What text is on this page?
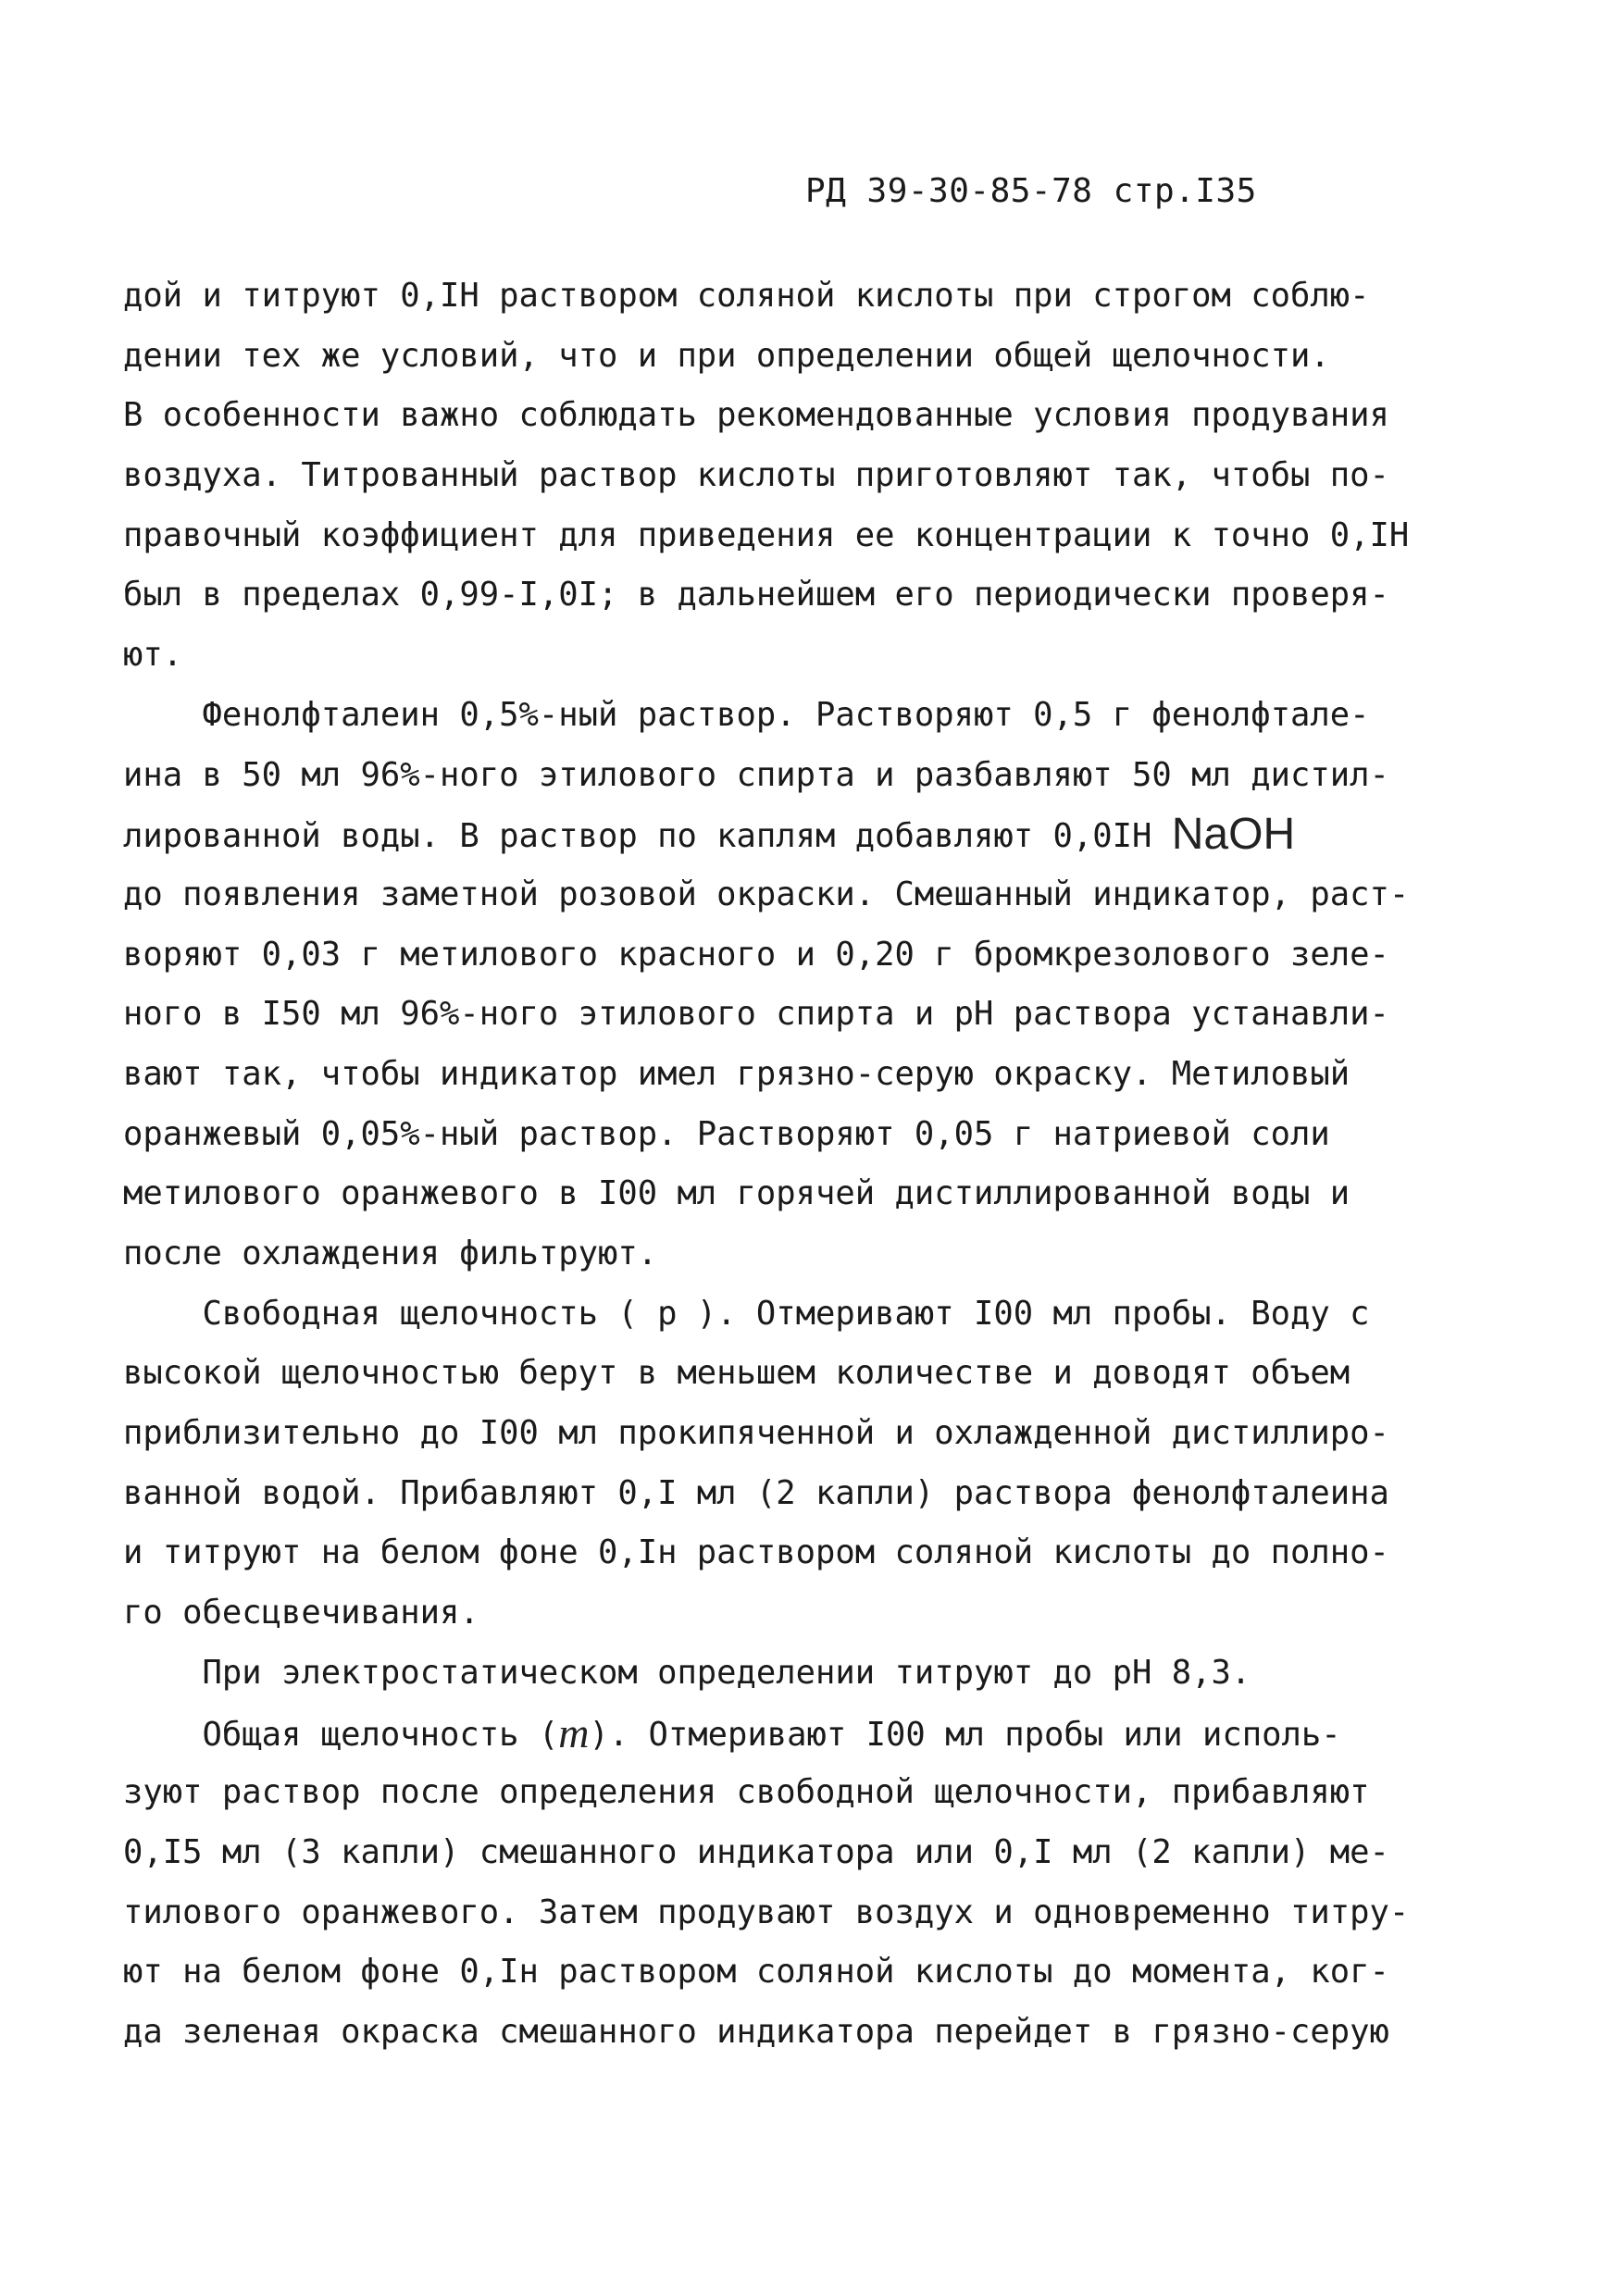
РД 39-30-85-78 стр.I35
дой и титруют 0,IН раствором соляной кислоты при строгом соблю-
дении тех же условий, что и при определении общей щелочности.
В особенности важно соблюдать рекомендованные условия продувания
воздуха. Титрованный раствор кислоты приготовляют так, чтобы по-
правочный коэффициент для приведения ее концентрации к точно 0,IН
был в пределах 0,99-I,0I; в дальнейшем его периодически проверя-
ют.
Фенолфталеин 0,5%-ный раствор. Растворяют 0,5 г фенолфтале-
ина в 50 мл 96%-ного этилового спирта и разбавляют 50 мл дистил-
лированной воды. В раствор по каплям добавляют 0,0IН NaOH
до появления заметной розовой окраски. Смешанный индикатор, раст-
воряют 0,03 г метилового красного и 0,20 г бромкрезолового зеле-
ного в I50 мл 96%-ного этилового спирта и pH раствора устанавли-
вают так, чтобы индикатор имел грязно-серую окраску. Метиловый
оранжевый 0,05%-ный раствор. Растворяют 0,05 г натриевой соли
метилового оранжевого в I00 мл горячей дистиллированной воды и
после охлаждения фильтруют.
Свободная щелочность ( р ). Отмеривают I00 мл пробы. Воду с
высокой щелочностью берут в меньшем количестве и доводят объем
приблизительно до I00 мл прокипяченной и охлажденной дистиллиро-
ванной водой. Прибавляют 0,I мл (2 капли) раствора фенолфталеина
и титруют на белом фоне 0,Iн раствором соляной кислоты до полно-
го обесцвечивания.
При электростатическом определении титруют до pH 8,3.
Общая щелочность (m). Отмеривают I00 мл пробы или исполь-
зуют раствор после определения свободной щелочности, прибавляют
0,I5 мл (3 капли) смешанного индикатора или 0,I мл (2 капли) ме-
тилового оранжевого. Затем продувают воздух и одновременно титру-
ют на белом фоне 0,Iн раствором соляной кислоты до момента, ког-
да зеленая окраска смешанного индикатора перейдет в грязно-серую
